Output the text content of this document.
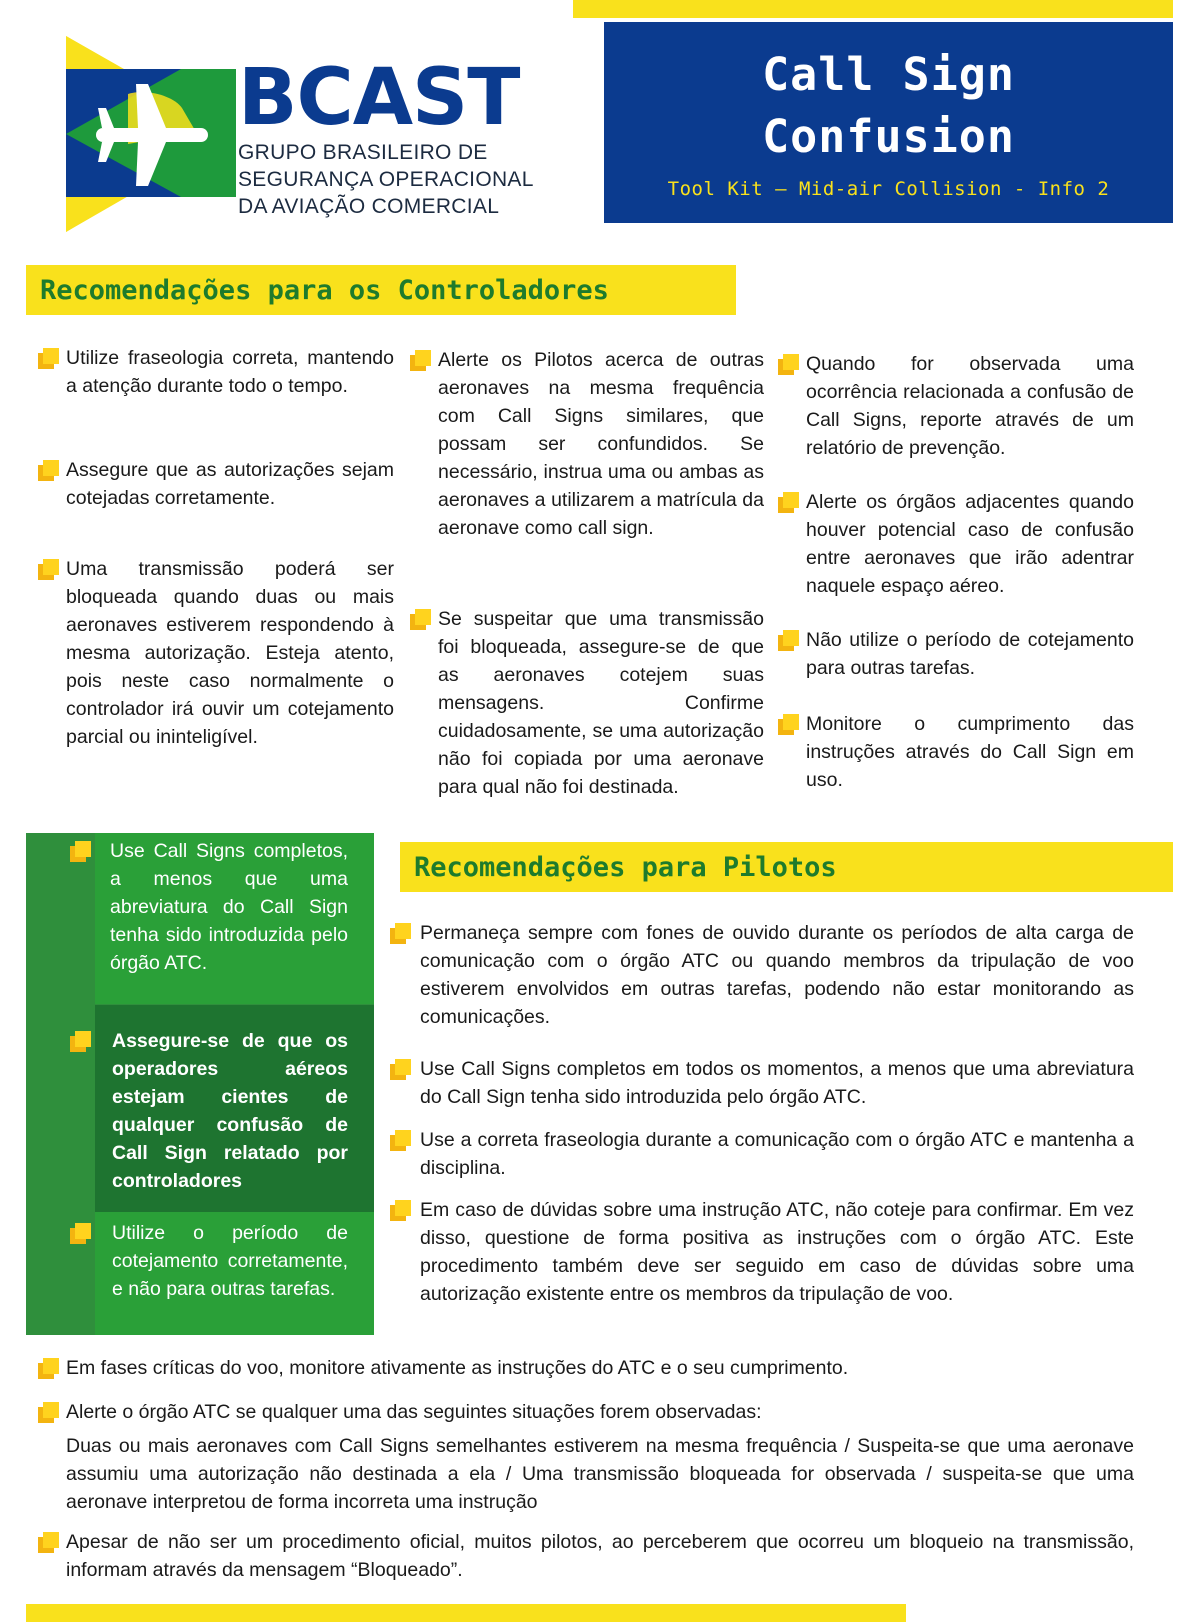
BCAST
GRUPO BRASILEIRO DE
SEGURANÇA OPERACIONAL
DA AVIAÇÃO COMERCIAL
Call Sign
Confusion
Tool Kit – Mid-air Collision - Info 2
Recomendações para os Controladores
Utilize fraseologia correta, mantendo a atenção durante todo o tempo.
Assegure que as autorizações sejam cotejadas corretamente.
Uma transmissão poderá ser bloqueada quando duas ou mais aeronaves estiverem respondendo à mesma autorização. Esteja atento, pois neste caso normalmente o controlador irá ouvir um cotejamento parcial ou ininteligível.
Alerte os Pilotos acerca de outras aeronaves na mesma frequência com Call Signs similares, que possam ser confundidos. Se necessário, instrua uma ou ambas as aeronaves a utilizarem a matrícula da aeronave como call sign.
Se suspeitar que uma transmissão foi bloqueada, assegure-se de que as aeronaves cotejem suas mensagens. Confirme cuidadosamente, se uma autorização não foi copiada por uma aeronave para qual não foi destinada.
Quando for observada uma ocorrência relacionada a confusão de Call Signs, reporte através de um relatório de prevenção.
Alerte os órgãos adjacentes quando houver potencial caso de confusão entre aeronaves que irão adentrar naquele espaço aéreo.
Não utilize o período de cotejamento para outras tarefas.
Monitore o cumprimento das instruções através do Call Sign em uso.
Use Call Signs completos, a menos que uma abreviatura do Call Sign tenha sido introduzida pelo órgão ATC.
Assegure-se de que os operadores aéreos estejam cientes de qualquer confusão de Call Sign relatado por controladores
Utilize o período de cotejamento corretamente, e não para outras tarefas.
Recomendações para Pilotos
Permaneça sempre com fones de ouvido durante os períodos de alta carga de comunicação com o órgão ATC ou quando membros da tripulação de voo estiverem envolvidos em outras tarefas, podendo não estar monitorando as comunicações.
Use Call Signs completos em todos os momentos, a menos que uma abreviatura do Call Sign tenha sido introduzida pelo órgão ATC.
Use a correta fraseologia durante a comunicação com o órgão ATC e mantenha a disciplina.
Em caso de dúvidas sobre uma instrução ATC, não coteje para confirmar. Em vez disso, questione de forma positiva as instruções com o órgão ATC. Este procedimento também deve ser seguido em caso de dúvidas sobre uma autorização existente entre os membros da tripulação de voo.
Em fases críticas do voo, monitore ativamente as instruções do ATC e o seu cumprimento.
Alerte o órgão ATC se qualquer uma das seguintes situações forem observadas:
Duas ou mais aeronaves com Call Signs semelhantes estiverem na mesma frequência / Suspeita-se que uma aeronave assumiu uma autorização não destinada a ela / Uma transmissão bloqueada for observada / suspeita-se que uma aeronave interpretou de forma incorreta uma instrução
Apesar de não ser um procedimento oficial, muitos pilotos, ao perceberem que ocorreu um bloqueio na transmissão, informam através da mensagem “Bloqueado”.
